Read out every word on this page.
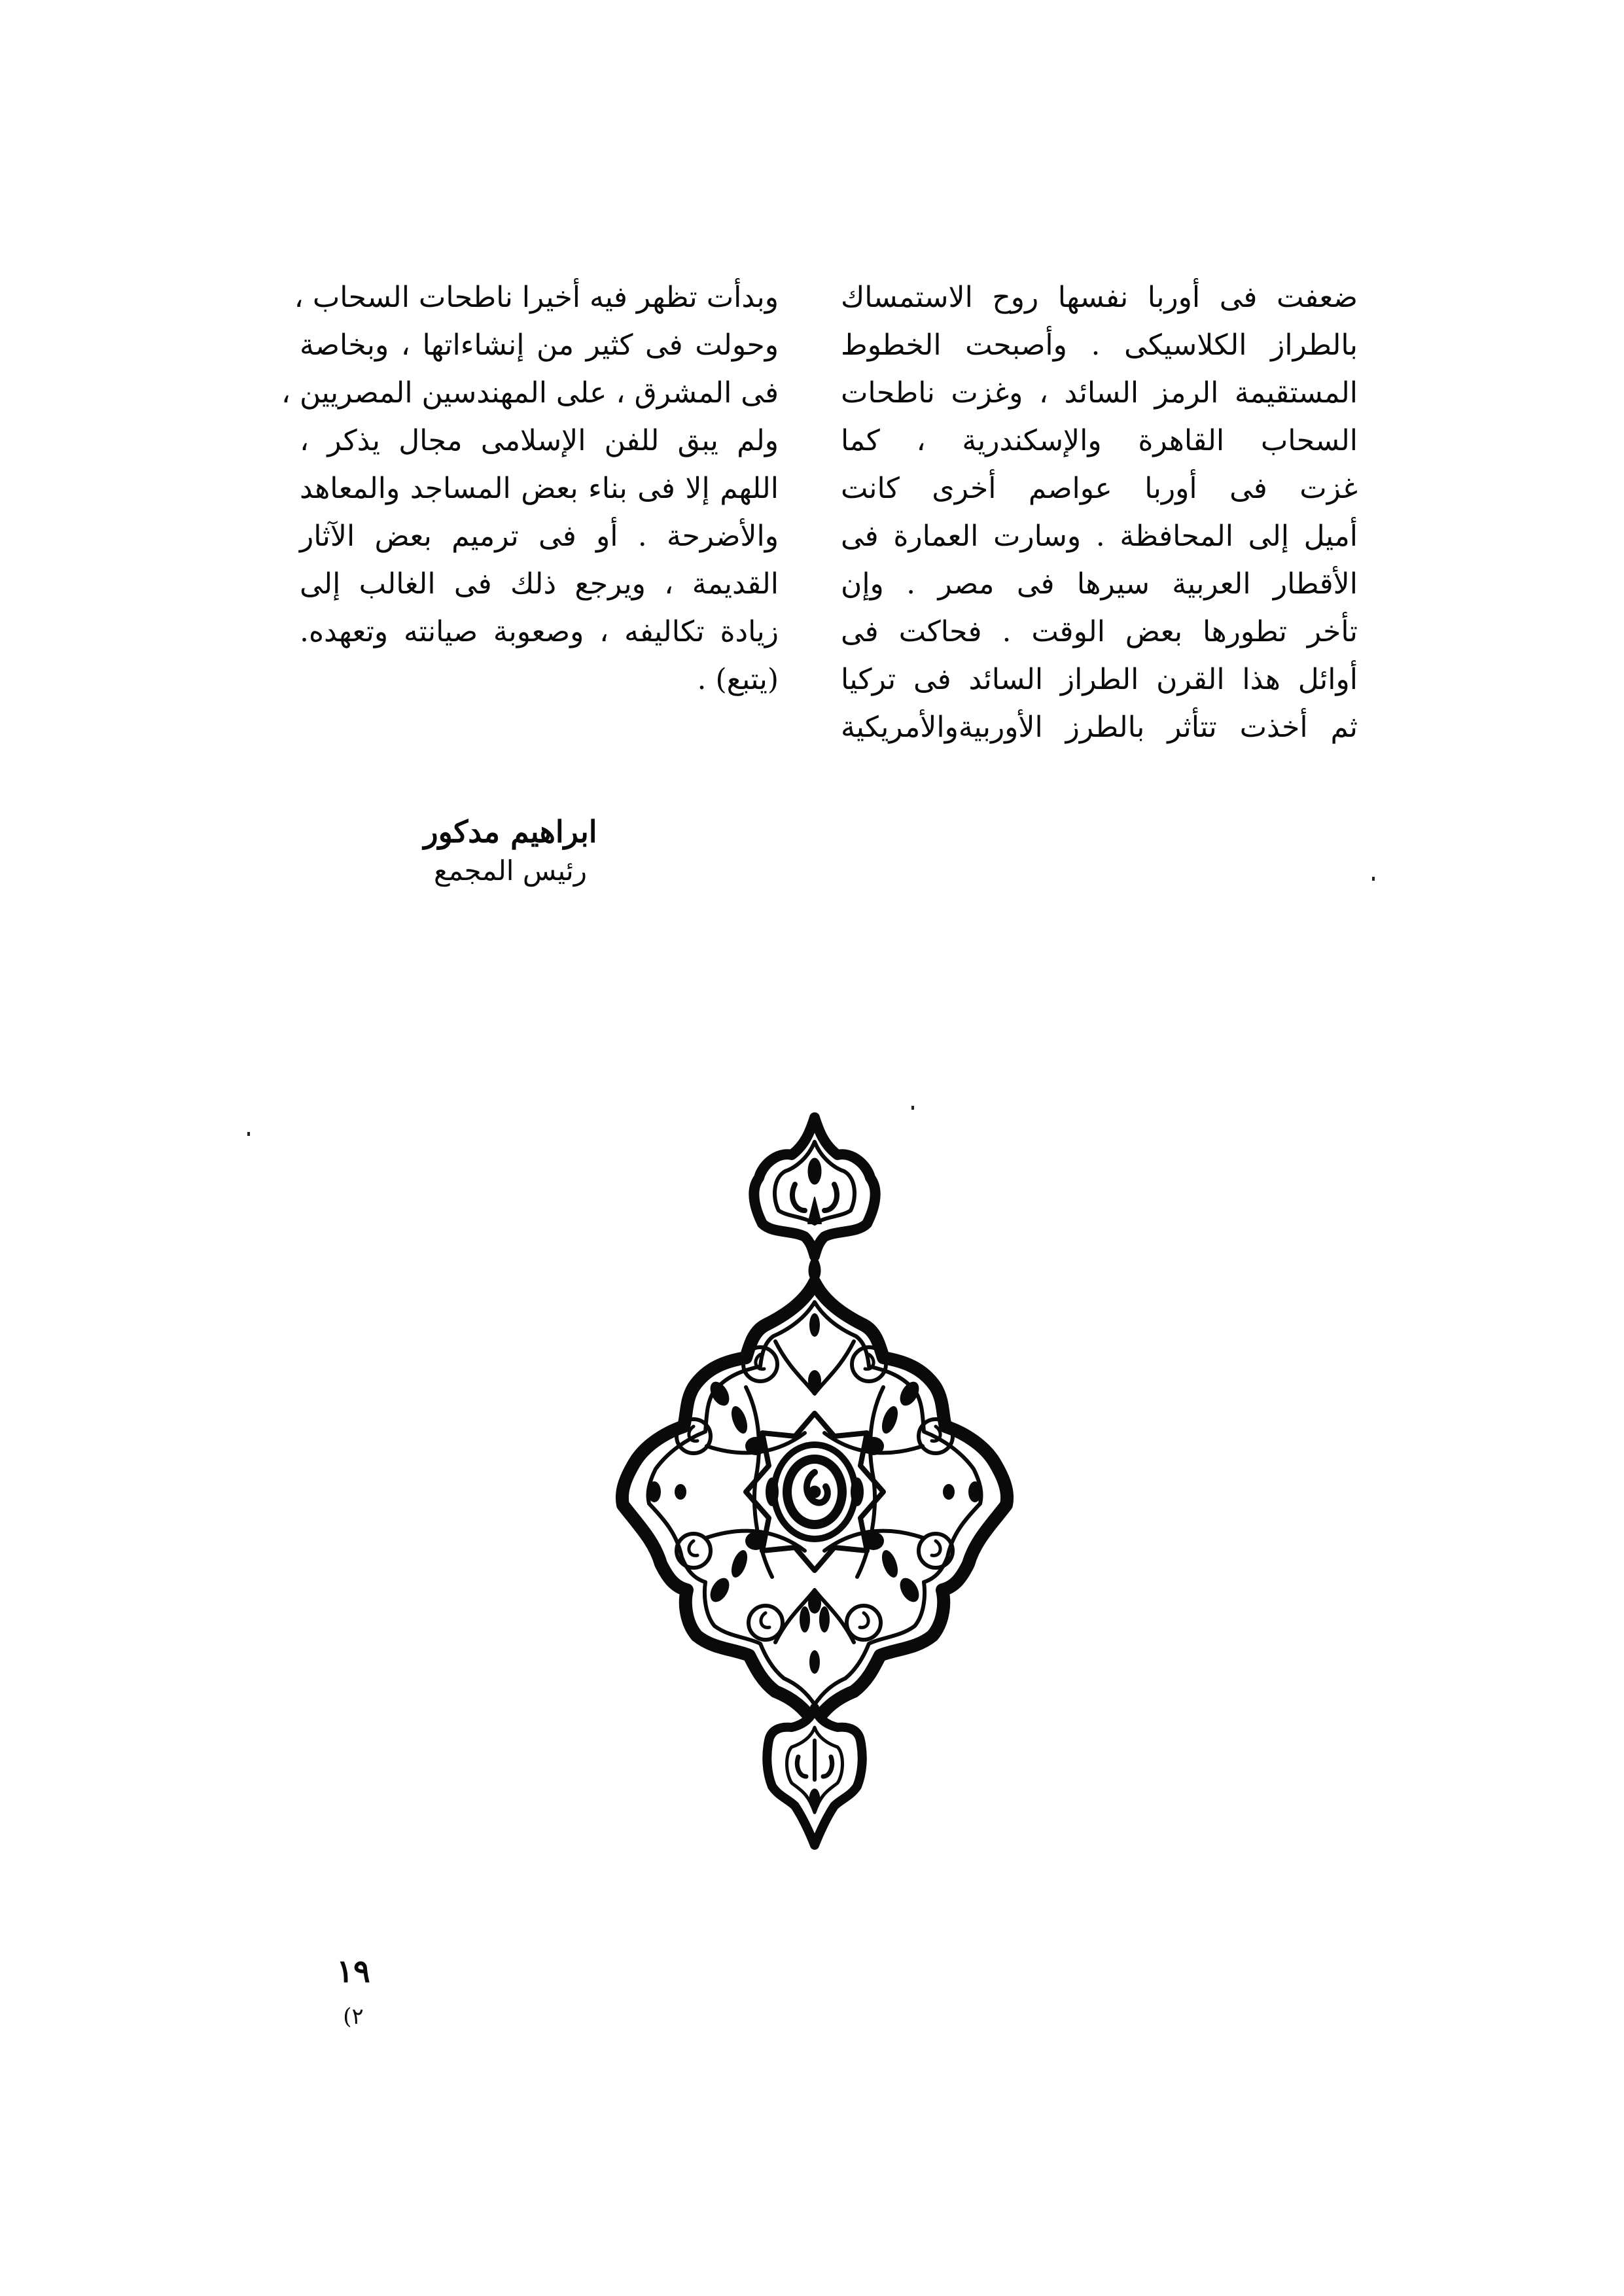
ضعفت فى أوربا نفسها روح الاستمساك
بالطراز الكلاسيكى . وأصبحت الخطوط
المستقيمة الرمز السائد ، وغزت ناطحات
السحاب القاهرة والإسكندرية ، كما
غزت فى أوربا عواصم أخرى كانت
أميل إلى المحافظة . وسارت العمارة فى
الأقطار العربية سيرها فى مصر . وإن
تأخر تطورها بعض الوقت . فحاكت فى
أوائل هذا القرن الطراز السائد فى تركيا
ثم أخذت تتأثر بالطرز الأوربيةوالأمريكية
وبدأت تظهر فيه أخيرا ناطحات السحاب ،
وحولت فى كثير من إنشاءاتها ، وبخاصة
فى المشرق ، على المهندسين المصريين ،
ولم يبق للفن الإسلامى مجال يذكر ،
اللهم إلا فى بناء بعض المساجد والمعاهد
والأضرحة . أو فى ترميم بعض الآثار
القديمة ، ويرجع ذلك فى الغالب إلى
زيادة تكاليفه ، وصعوبة صيانته وتعهده.
(يتبع) .
ابراهيم مدكور
رئيس المجمع
١٩
(٢
